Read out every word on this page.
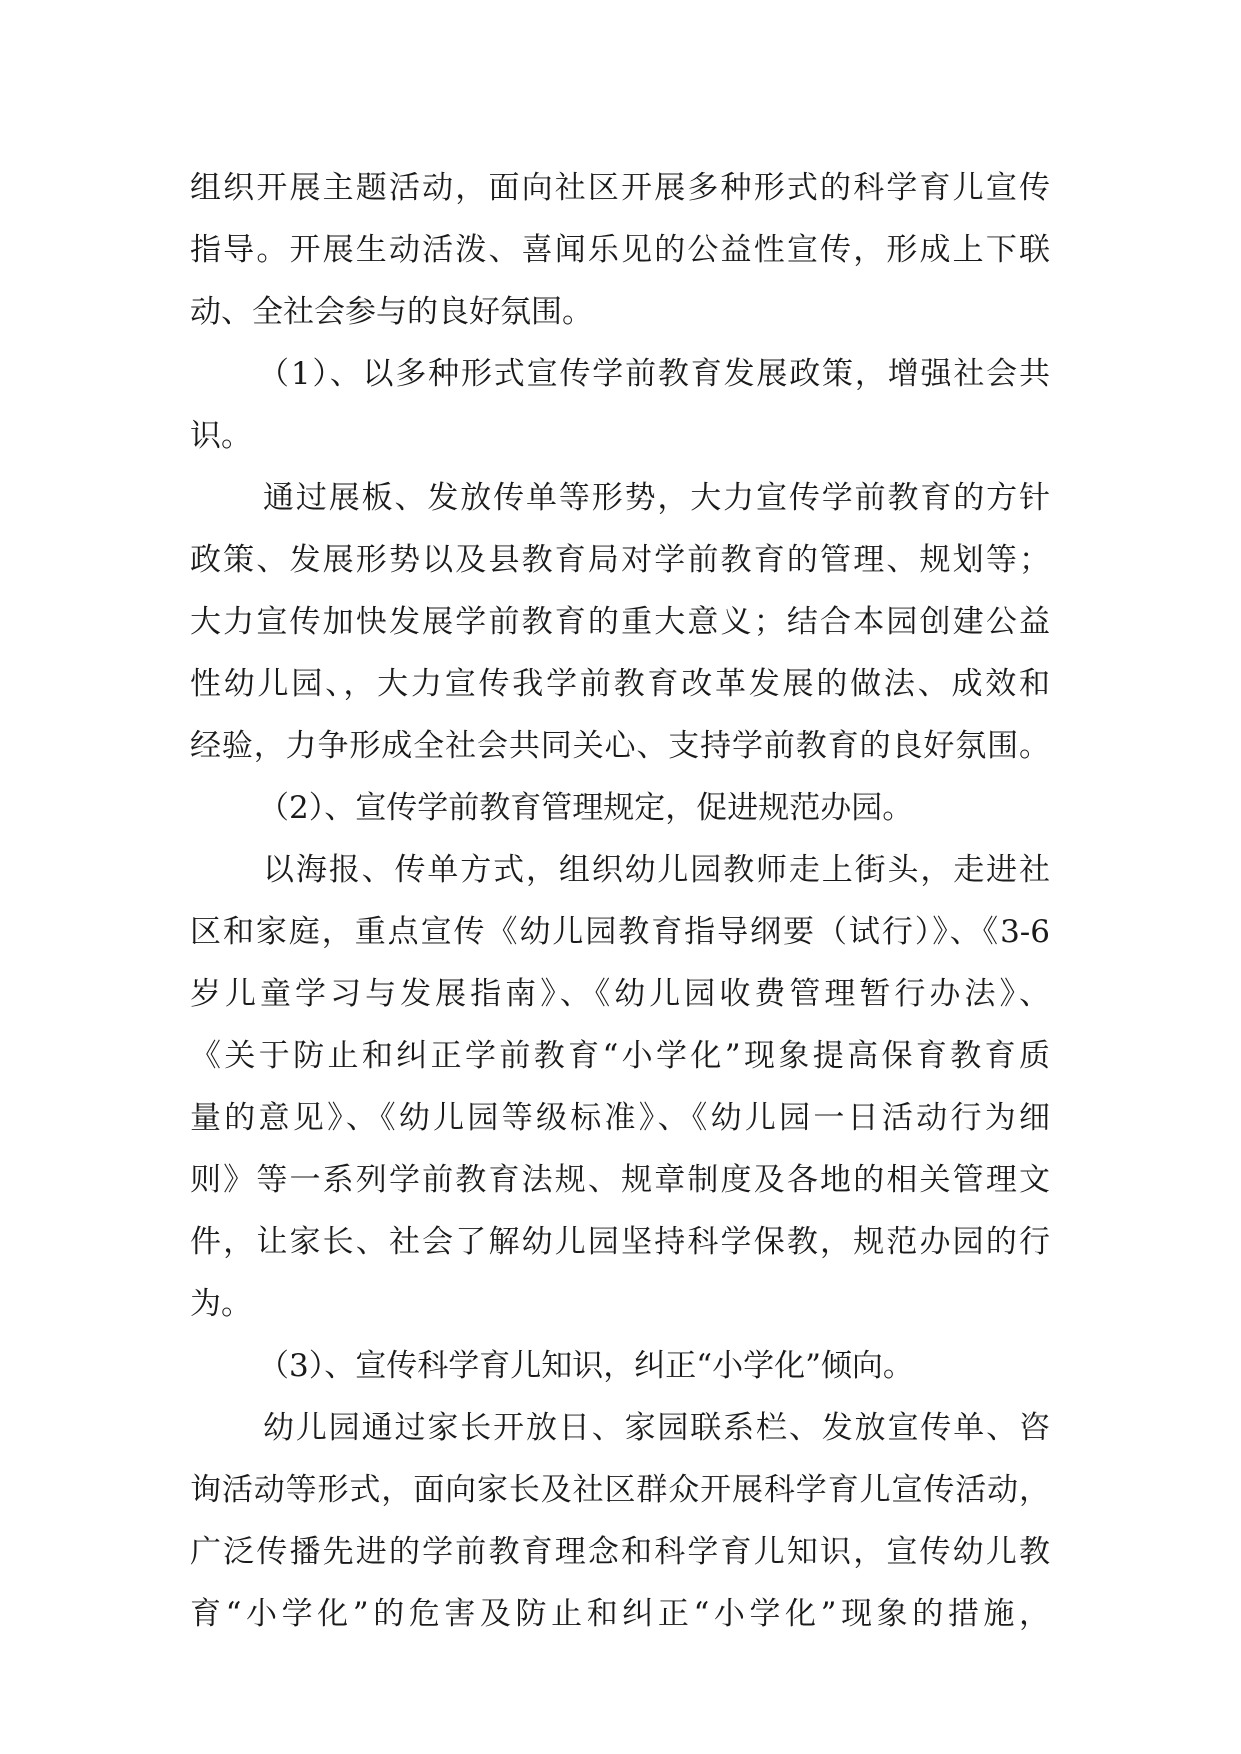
组织开展主题活动，面向社区开展多种形式的科学育儿宣传
指导。开展生动活泼、喜闻乐见的公益性宣传，形成上下联
动、全社会参与的良好氛围。
（1）、以多种形式宣传学前教育发展政策，增强社会共
识。
通过展板、发放传单等形势，大力宣传学前教育的方针
政策、发展形势以及县教育局对学前教育的管理、规划等；
大力宣传加快发展学前教育的重大意义；结合本园创建公益
性幼儿园、，大力宣传我学前教育改革发展的做法、成效和
经验，力争形成全社会共同关心、支持学前教育的良好氛围。
（2）、宣传学前教育管理规定，促进规范办园。
以海报、传单方式，组织幼儿园教师走上街头，走进社
区和家庭，重点宣传《幼儿园教育指导纲要（试行）》、《3-6
岁儿童学习与发展指南》、《幼儿园收费管理暂行办法》、
《关于防止和纠正学前教育“小学化”现象提高保育教育质
量的意见》、《幼儿园等级标准》、《幼儿园一日活动行为细
则》等一系列学前教育法规、规章制度及各地的相关管理文
件，让家长、社会了解幼儿园坚持科学保教，规范办园的行
为。
（3）、宣传科学育儿知识，纠正“小学化”倾向。
幼儿园通过家长开放日、家园联系栏、发放宣传单、咨
询活动等形式，面向家长及社区群众开展科学育儿宣传活动，
广泛传播先进的学前教育理念和科学育儿知识，宣传幼儿教
育“小学化”的危害及防止和纠正“小学化”现象的措施，
